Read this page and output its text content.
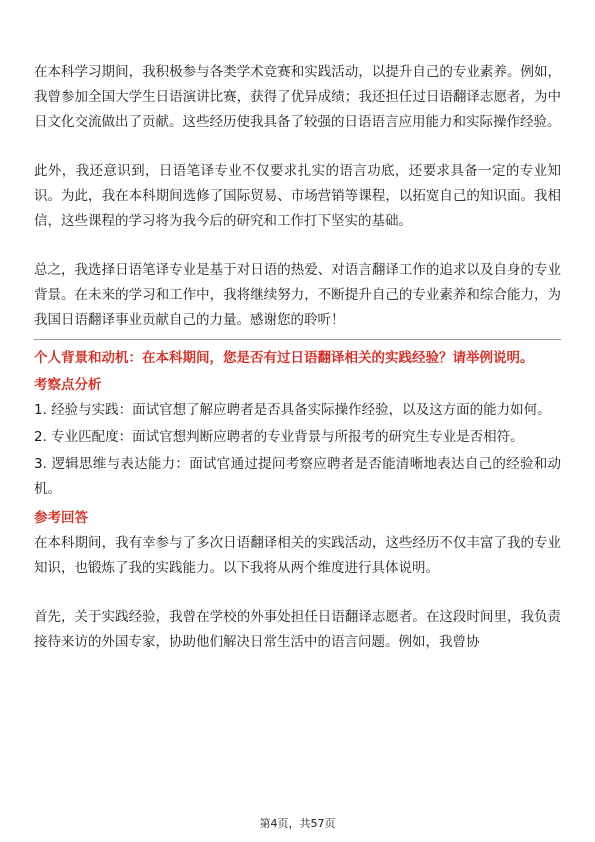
在本科学习期间，我积极参与各类学术竞赛和实践活动，以提升自己的专业素养。例如，我曾参加全国大学生日语演讲比赛，获得了优异成绩；我还担任过日语翻译志愿者，为中日文化交流做出了贡献。这些经历使我具备了较强的日语语言应用能力和实际操作经验。

此外，我还意识到，日语笔译专业不仅要求扎实的语言功底，还要求具备一定的专业知识。为此，我在本科期间选修了国际贸易、市场营销等课程，以拓宽自己的知识面。我相信，这些课程的学习将为我今后的研究和工作打下坚实的基础。

总之，我选择日语笔译专业是基于对日语的热爱、对语言翻译工作的追求以及自身的专业背景。在未来的学习和工作中，我将继续努力，不断提升自己的专业素养和综合能力，为我国日语翻译事业贡献自己的力量。感谢您的聆听！

个人背景和动机：在本科期间，您是否有过日语翻译相关的实践经验？请举例说明。

考察点分析
1. 经验与实践：面试官想了解应聘者是否具备实际操作经验，以及这方面的能力如何。
2. 专业匹配度：面试官想判断应聘者的专业背景与所报考的研究生专业是否相符。
3. 逻辑思维与表达能力：面试官通过提问考察应聘者是否能清晰地表达自己的经验和动机。
参考回答

在本科期间，我有幸参与了多次日语翻译相关的实践活动，这些经历不仅丰富了我的专业知识，也锻炼了我的实践能力。以下我将从两个维度进行具体说明。

首先，关于实践经验，我曾在学校的外事处担任日语翻译志愿者。在这段时间里，我负责接待来访的外国专家，协助他们解决日常生活中的语言问题。例如，我曾协

第4页，共57页
